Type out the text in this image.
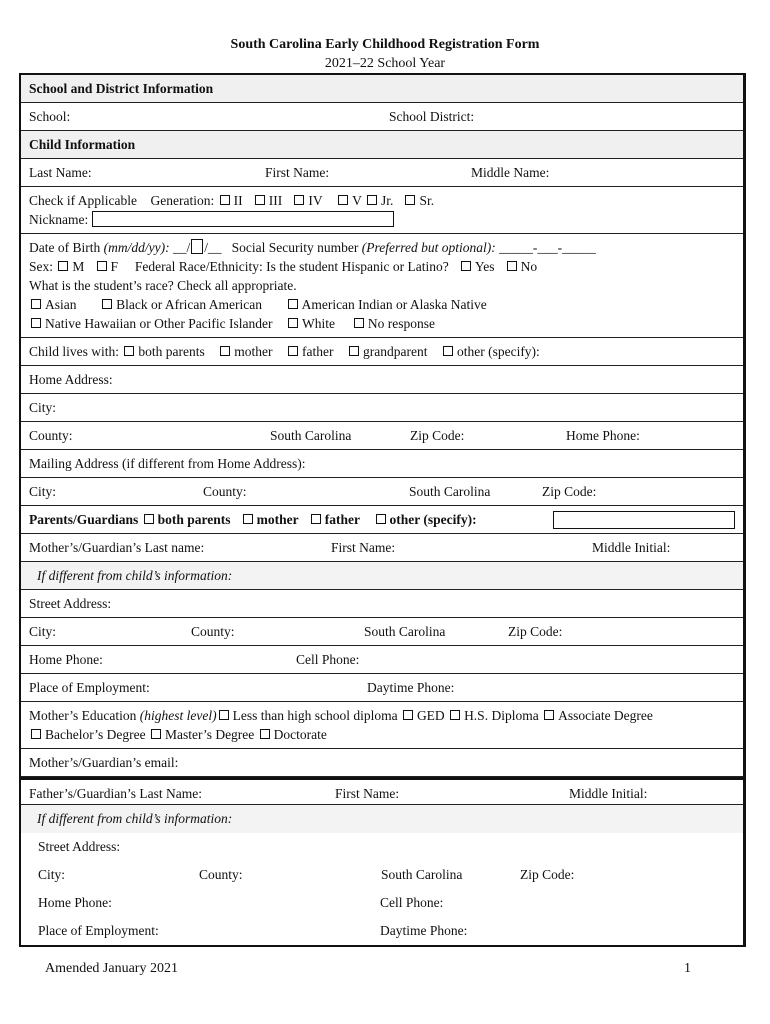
South Carolina Early Childhood Registration Form
2021–22 School Year
School and District Information
School:	School District:
Child Information
Last Name:	First Name:	Middle Name:
Check if Applicable Generation: II III IV V Jr. Sr.
Nickname:
Date of Birth (mm/dd/yy): __/ /__ Social Security number (Preferred but optional): _____-___-_____
Sex: M F Federal Race/Ethnicity: Is the student Hispanic or Latino? Yes No
What is the student’s race? Check all appropriate.
Asian	Black or African American	American Indian or Alaska Native
Native Hawaiian or Other Pacific Islander White No response
Child lives with: both parents mother father grandparent other (specify):
Home Address:
City:
County:	South Carolina	Zip Code:	Home Phone:
Mailing Address (if different from Home Address):
City:	County:	South Carolina	Zip Code:
Parents/Guardians both parents mother father other (specify):
Mother’s/Guardian’s Last name:	First Name:	Middle Initial:
If different from child’s information:
Street Address:
City:	County:	South Carolina	Zip Code:
Home Phone:	Cell Phone:
Place of Employment:	Daytime Phone:
Mother’s Education (highest level) Less than high school diploma GED H.S. Diploma Associate Degree
Bachelor’s Degree Master’s Degree Doctorate
Mother’s/Guardian’s email:
Father’s/Guardian’s Last Name:	First Name:	Middle Initial:
If different from child’s information:
Street Address:
City:	County:	South Carolina	Zip Code:
Home Phone:	Cell Phone:
Place of Employment:	Daytime Phone:
Amended January 2021	1
